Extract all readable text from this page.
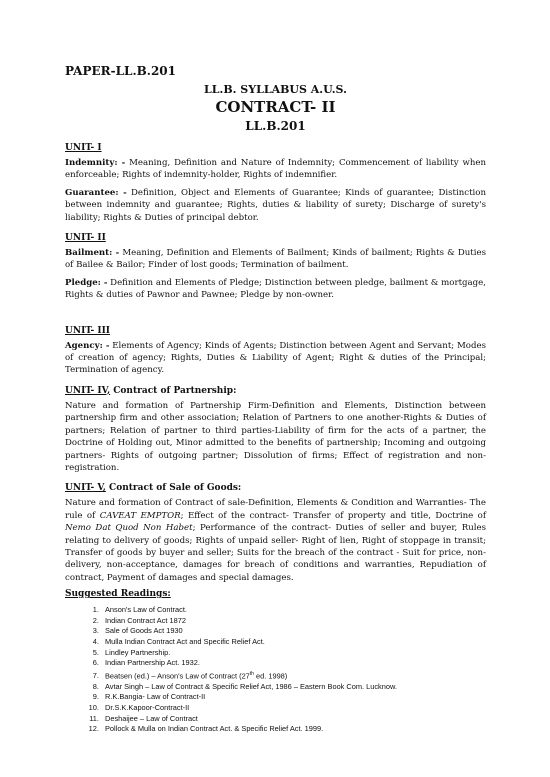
PAPER-LL.B.201

LL.B. SYLLABUS A.U.S.

CONTRACT- II

LL.B.201

UNIT- I

Indemnity: - Meaning, Definition and Nature of Indemnity; Commencement of liability when enforceable; Rights of indemnity-holder, Rights of indemnifier.

Guarantee: - Definition, Object and Elements of Guarantee; Kinds of guarantee; Distinction between indemnity and guarantee; Rights, duties & liability of surety; Discharge of surety's liability; Rights & Duties of principal debtor.

UNIT- II

Bailment: - Meaning, Definition and Elements of Bailment; Kinds of bailment; Rights & Duties of Bailee & Bailor; Finder of lost goods; Termination of bailment.

Pledge: - Definition and Elements of Pledge; Distinction between pledge, bailment & mortgage, Rights & duties of Pawnor and Pawnee; Pledge by non-owner.

UNIT- III

Agency: - Elements of Agency; Kinds of Agents; Distinction between Agent and Servant; Modes of creation of agency; Rights, Duties & Liability of Agent; Right & duties of the Principal; Termination of agency.

UNIT- IV, Contract of Partnership:

Nature and formation of Partnership Firm-Definition and Elements, Distinction between partnership firm and other association; Relation of Partners to one another-Rights & Duties of partners; Relation of partner to third parties-Liability of firm for the acts of a partner, the Doctrine of Holding out, Minor admitted to the benefits of partnership; Incoming and outgoing partners- Rights of outgoing partner; Dissolution of firms; Effect of registration and non-registration.

UNIT- V, Contract of Sale of Goods:

Nature and formation of Contract of sale-Definition, Elements & Condition and Warranties- The rule of CAVEAT EMPTOR; Effect of the contract- Transfer of property and title, Doctrine of Nemo Dat Quod Non Habet; Performance of the contract- Duties of seller and buyer, Rules relating to delivery of goods; Rights of unpaid seller- Right of lien, Right of stoppage in transit; Transfer of goods by buyer and seller; Suits for the breach of the contract - Suit for price, non-delivery, non-acceptance, damages for breach of conditions and warranties, Repudiation of contract, Payment of damages and special damages.

Suggested Readings:

1. Anson's Law of Contract.
2. Indian Contract Act 1872
3. Sale of Goods Act 1930
4. Mulla Indian Contract Act and Specific Relief Act.
5. Lindley Partnership.
6. Indian Partnership Act. 1932.
7. Beatsen (ed.) – Anson's Law of Contract (27th ed. 1998)
8. Avtar Singh – Law of Contract & Specific Relief Act, 1986 – Eastern Book Com. Lucknow.
9. R.K.Bangia- Law of Contract-II
10. Dr.S.K.Kapoor-Contract-II
11. Deshaijee – Law of Contract
12. Pollock & Mulla on Indian Contract Act. & Specific Relief Act. 1999.
